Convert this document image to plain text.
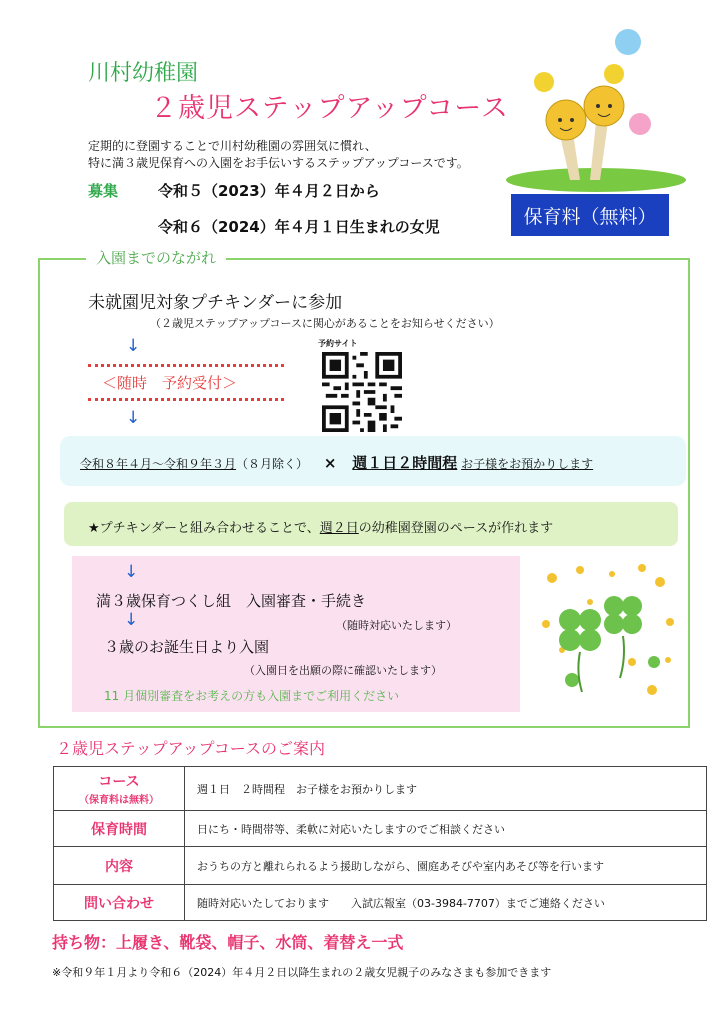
川村幼稚園
２歳児ステップアップコース
定期的に登園することで川村幼稚園の雰囲気に慣れ、
特に満３歳児保育への入園をお手伝いするステップアップコースです。
募集	令和５（2023）年４月２日から
令和６（2024）年４月１日生まれの女児	保育料（無料）
入園までのながれ
未就園児対象プチキンダーに参加
（２歳児ステップアップコースに関心があることをお知らせください）
↓
＜随時　予約受付＞
↓
予約サイト
令和８年４月〜令和９年３月（８月除く） × 週１日２時間程 お子様をお預かりします
★プチキンダーと組み合わせることで、週２日の幼稚園登園のペースが作れます
↓
満３歳保育つくし組　入園審査・手続き
（随時対応いたします）
↓
３歳のお誕生日より入園
（入園日を出願の際に確認いたします）
11 月個別審査をお考えの方も入園までご利用ください
２歳児ステップアップコースのご案内
コース
（保育料は無料）	週１日　２時間程　お子様をお預かりします
保育時間	日にち・時間帯等、柔軟に対応いたしますのでご相談ください
内容	おうちの方と離れられるよう援助しながら、園庭あそびや室内あそび等を行います
問い合わせ	随時対応いたしております　　入試広報室（03-3984-7707）までご連絡ください
持ち物：上履き、靴袋、帽子、水筒、着替え一式
※令和９年１月より令和６（2024）年４月２日以降生まれの２歳女児親子のみなさまも参加できます
